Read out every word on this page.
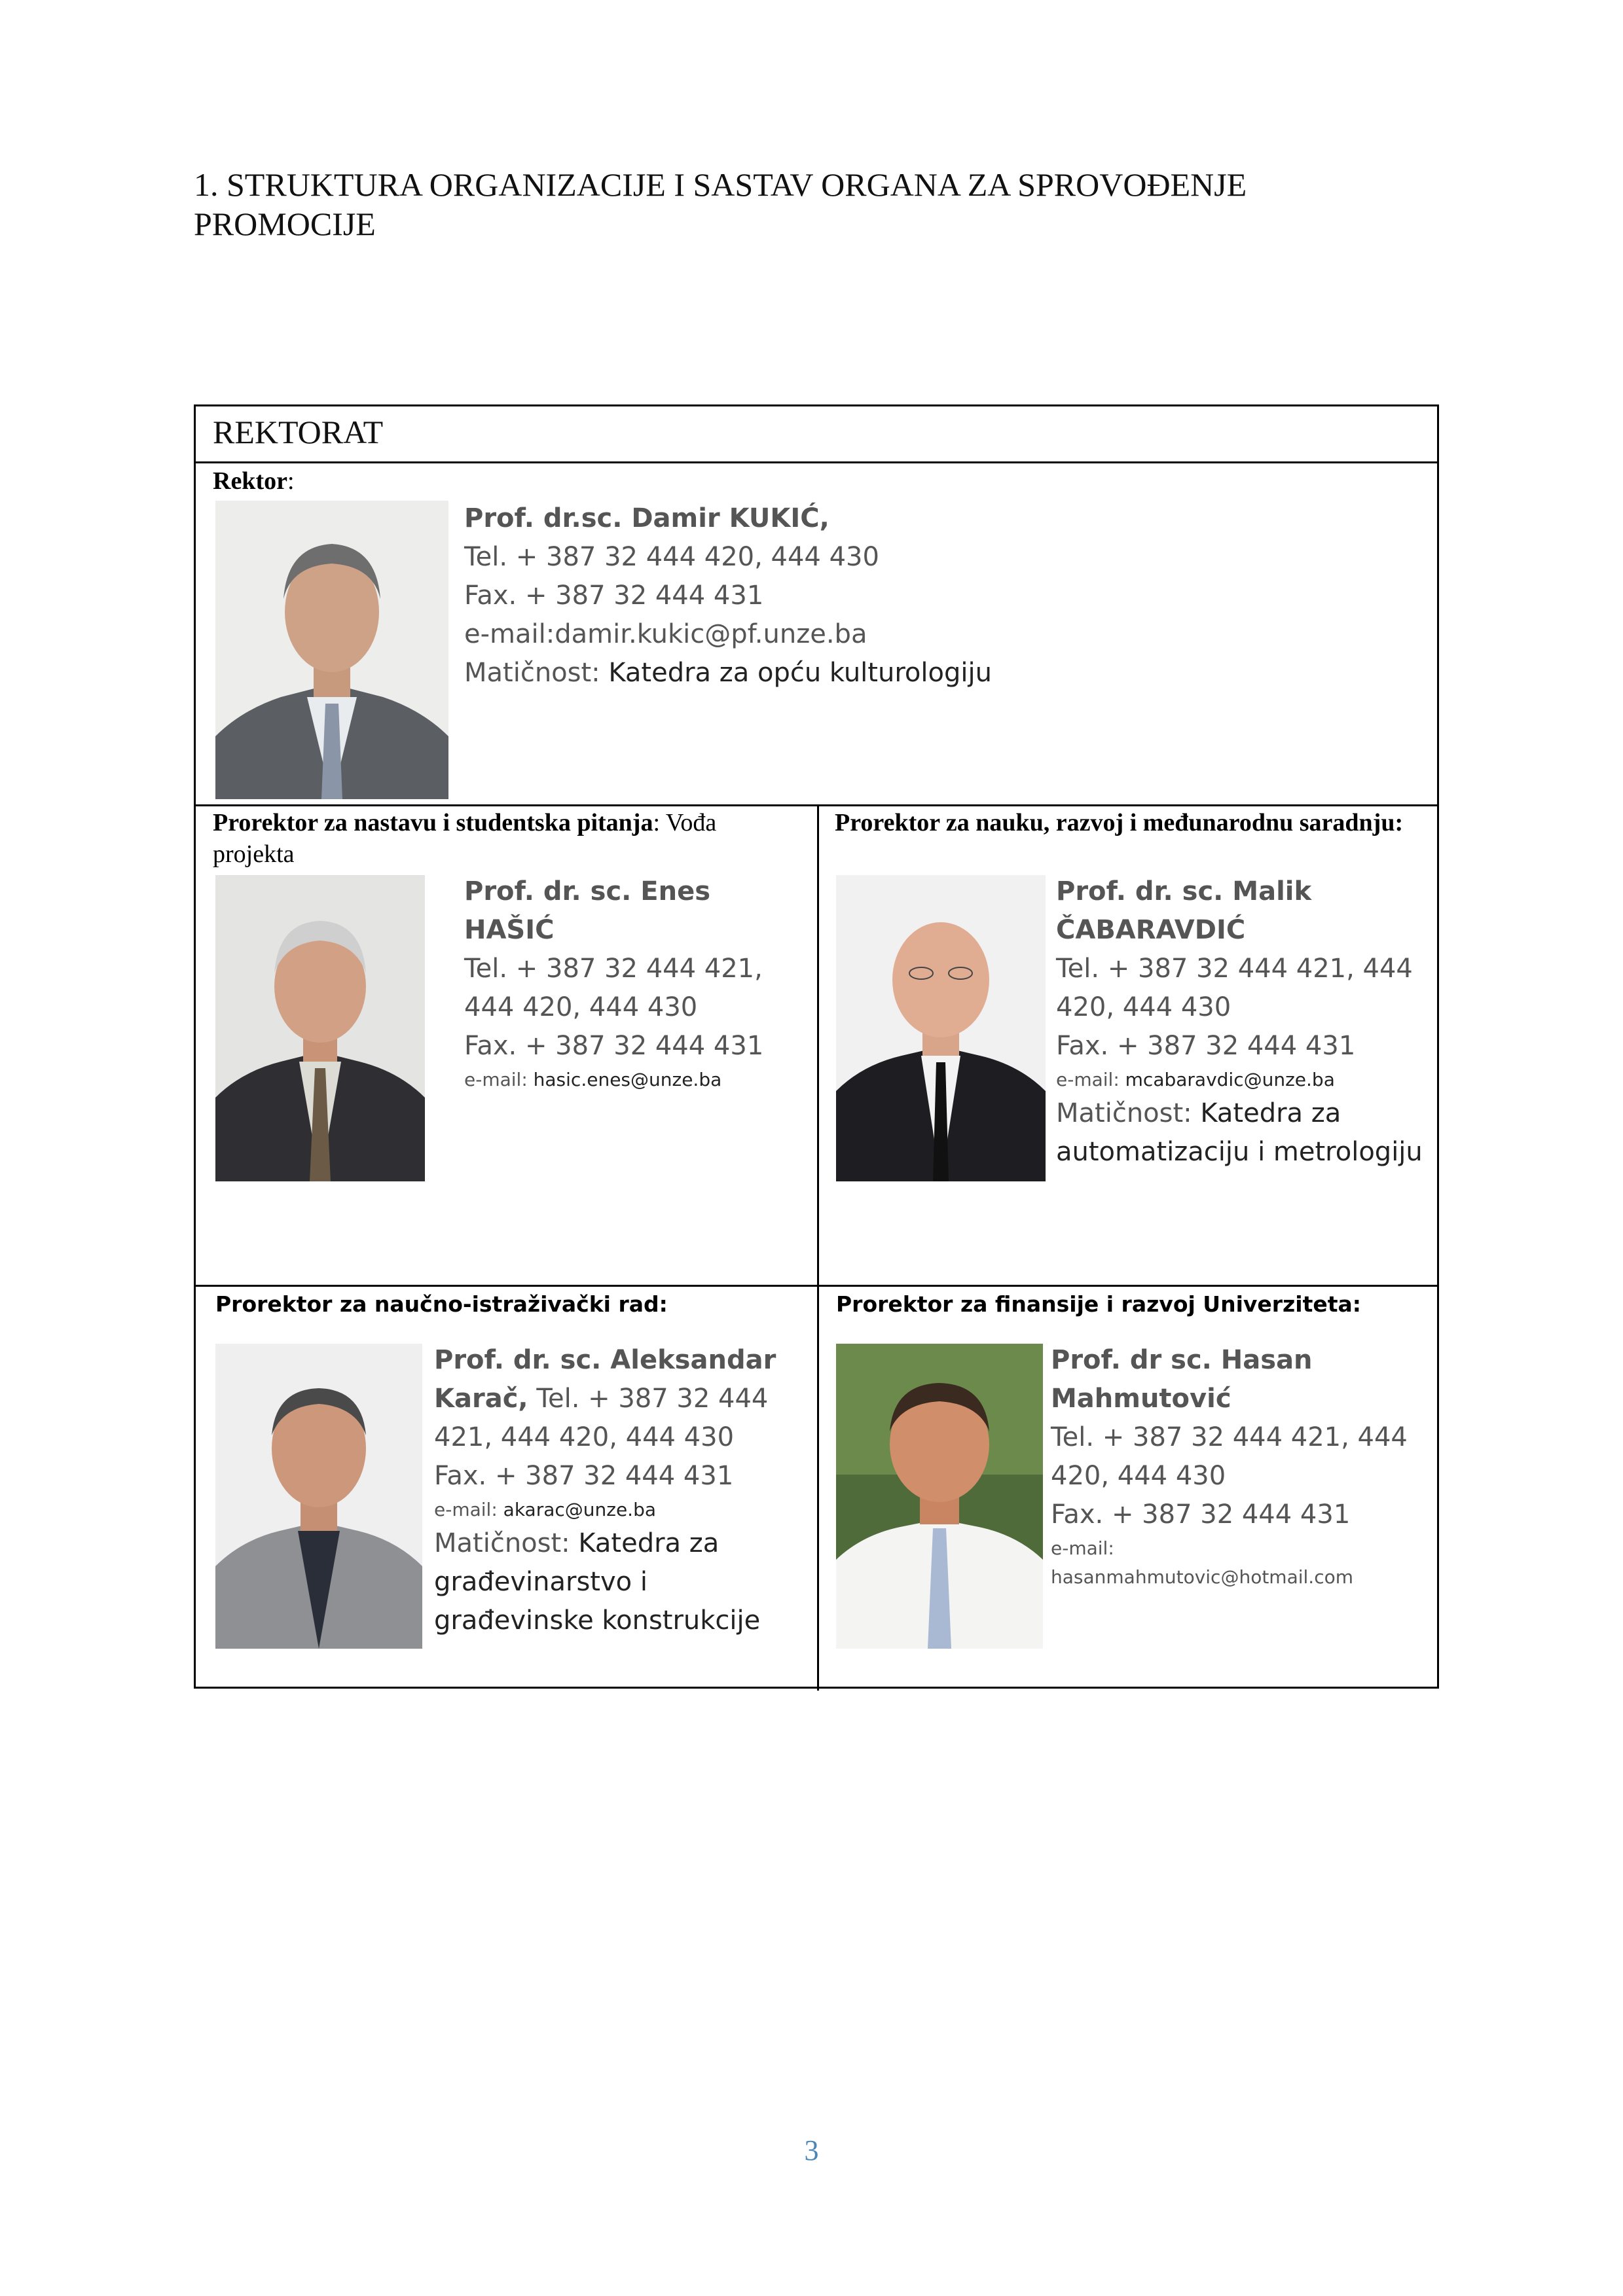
1. STRUKTURA ORGANIZACIJE I SASTAV ORGANA ZA SPROVOĐENJE
PROMOCIJE
REKTORAT
Rektor:
Prof. dr.sc. Damir KUKIĆ,
Tel. + 387 32 444 420, 444 430
Fax. + 387 32 444 431
e-mail:damir.kukic@pf.unze.ba
Matičnost: Katedra za opću kulturologiju
Prorektor za nastavu i studentska pitanja: Vođa projekta
Prof. dr. sc. Enes HAŠIĆ
Tel. + 387 32 444 421, 444 420, 444 430
Fax. + 387 32 444 431
e-mail: hasic.enes@unze.ba
Prorektor za nauku, razvoj i međunarodnu saradnju:
Prof. dr. sc. Malik ČABARAVDIĆ
Tel. + 387 32 444 421, 444 420, 444 430
Fax. + 387 32 444 431
e-mail: mcabaravdic@unze.ba
Matičnost: Katedra za automatizaciju i metrologiju
Prorektor za naučno-istraživački rad:
Prof. dr. sc. Aleksandar Karač, Tel. + 387 32 444 421, 444 420, 444 430
Fax. + 387 32 444 431
e-mail: akarac@unze.ba
Matičnost: Katedra za građevinarstvo i građevinske konstrukcije
Prorektor za finansije i razvoj Univerziteta:
Prof. dr sc. Hasan Mahmutović
Tel. + 387 32 444 421, 444 420, 444 430
Fax. + 387 32 444 431
e-mail:
hasanmahmutovic@hotmail.com
3
